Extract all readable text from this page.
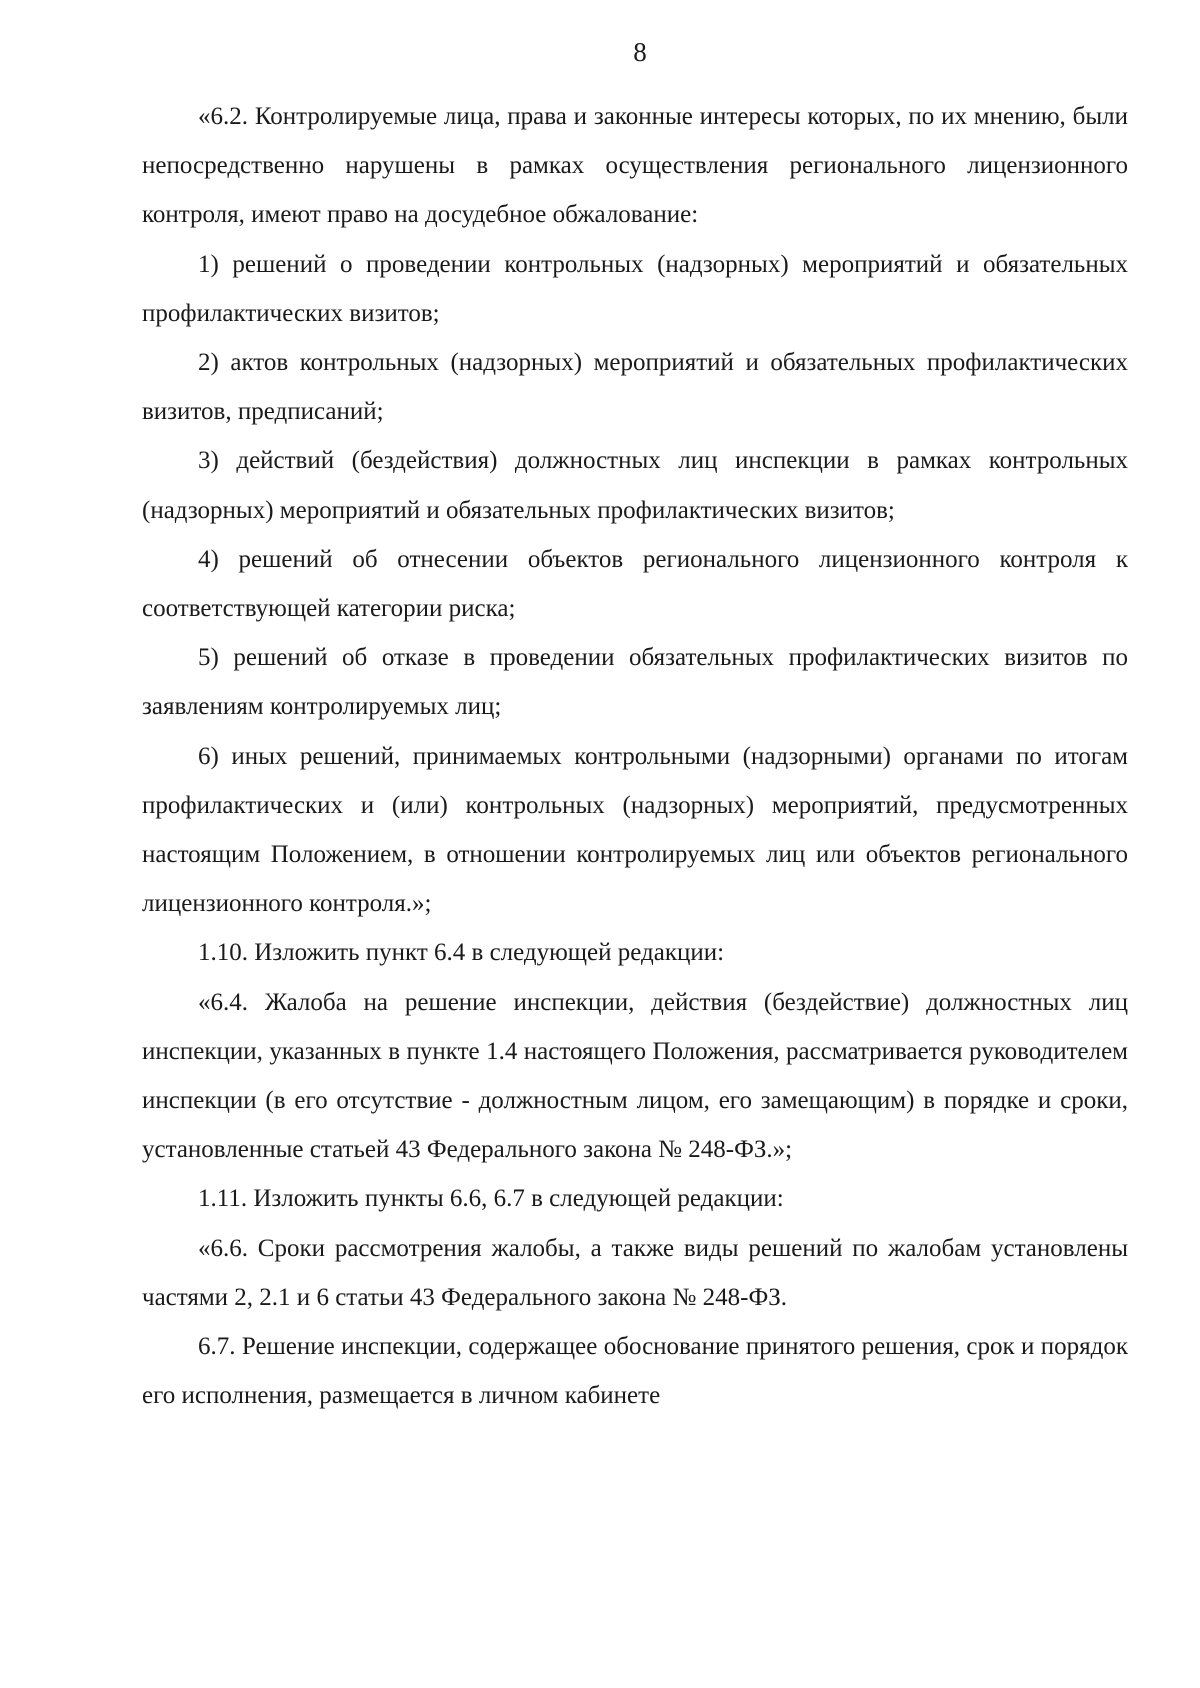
8

«6.2. Контролируемые лица, права и законные интересы которых, по их мнению, были непосредственно нарушены в рамках осуществления регионального лицензионного контроля, имеют право на досудебное обжалование:

1) решений о проведении контрольных (надзорных) мероприятий и обязательных профилактических визитов;

2) актов контрольных (надзорных) мероприятий и обязательных профилактических визитов, предписаний;

3) действий (бездействия) должностных лиц инспекции в рамках контрольных (надзорных) мероприятий и обязательных профилактических визитов;

4) решений об отнесении объектов регионального лицензионного контроля к соответствующей категории риска;

5) решений об отказе в проведении обязательных профилактических визитов по заявлениям контролируемых лиц;

6) иных решений, принимаемых контрольными (надзорными) органами по итогам профилактических и (или) контрольных (надзорных) мероприятий, предусмотренных настоящим Положением, в отношении контролируемых лиц или объектов регионального лицензионного контроля.»;

1.10. Изложить пункт 6.4 в следующей редакции:

«6.4. Жалоба на решение инспекции, действия (бездействие) должностных лиц инспекции, указанных в пункте 1.4 настоящего Положения, рассматривается руководителем инспекции (в его отсутствие - должностным лицом, его замещающим) в порядке и сроки, установленные статьей 43 Федерального закона № 248-ФЗ.»;

1.11. Изложить пункты 6.6, 6.7 в следующей редакции:

«6.6. Сроки рассмотрения жалобы, а также виды решений по жалобам установлены частями 2, 2.1 и 6 статьи 43 Федерального закона № 248-ФЗ.

6.7. Решение инспекции, содержащее обоснование принятого решения, срок и порядок его исполнения, размещается в личном кабинете
